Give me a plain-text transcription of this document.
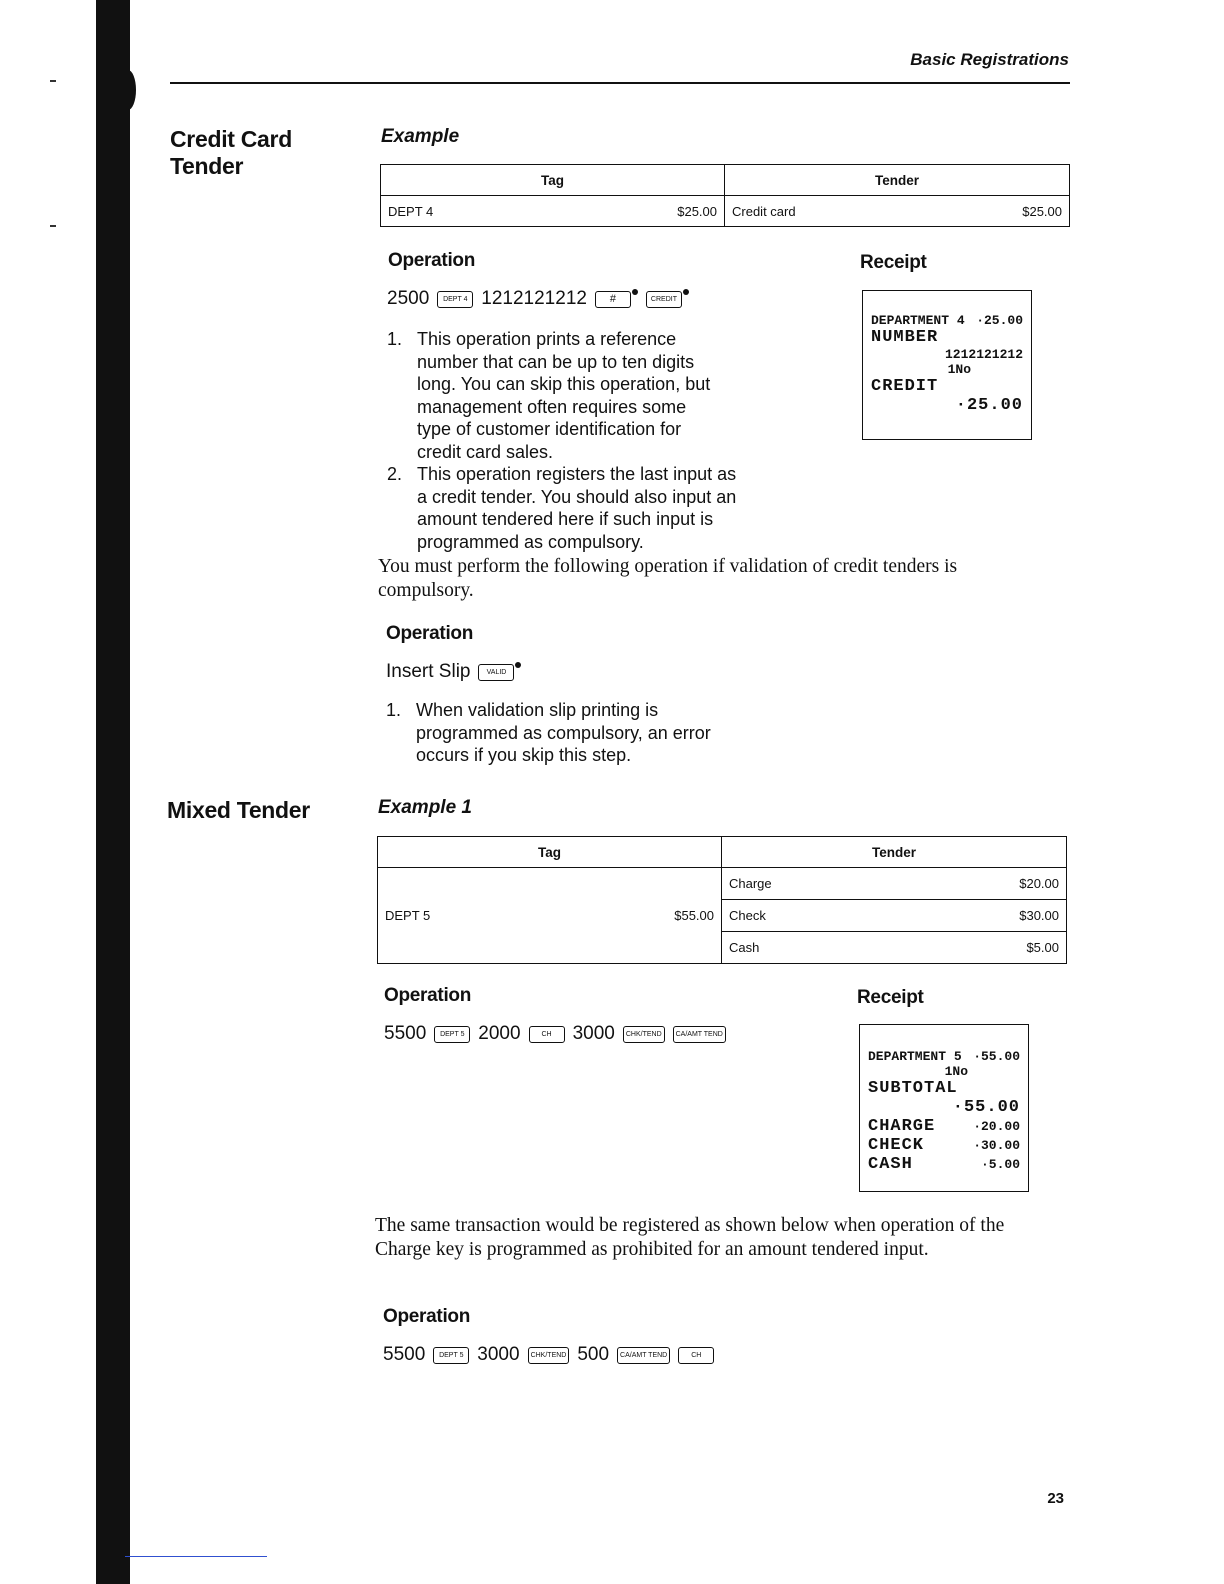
Basic Registrations
Credit Card
Tender
Example
Tag	Tender

DEPT 4 $25.00	Credit card $25.00
Operation
2500	DEPT 4 1212121212	#	CREDIT
1. This operation prints a reference number that can be up to ten digits long. You can skip this operation, but management often requires some type of customer identification for credit card sales.
2. This operation registers the last input as a credit tender. You should also input an amount tendered here if such input is programmed as compulsory.
Receipt
DEPARTMENT 4 ·25.00
NUMBER
1212121212
1No
CREDIT
·25.00
You must perform the following operation if validation of credit tenders is compulsory.
Operation
Insert Slip	VALID
1. When validation slip printing is programmed as compulsory, an error occurs if you skip this step.
Mixed Tender	Example 1
Tag	Tender

DEPT 5 $55.00	Charge $20.00

	Check $30.00

	Cash $5.00
Operation
5500	DEPT 5 2000	CH	3000	CHK/TEND	CA/AMT TEND
Receipt
DEPARTMENT 5 ·55.00
1No
SUBTOTAL
·55.00
CHARGE	·20.00
CHECK	·30.00
CASH	·5.00
The same transaction would be registered as shown below when operation of the Charge key is programmed as prohibited for an amount tendered input.
Operation
5500	DEPT 5 3000	CHK/TEND 500	CA/AMT TEND	CH
23
